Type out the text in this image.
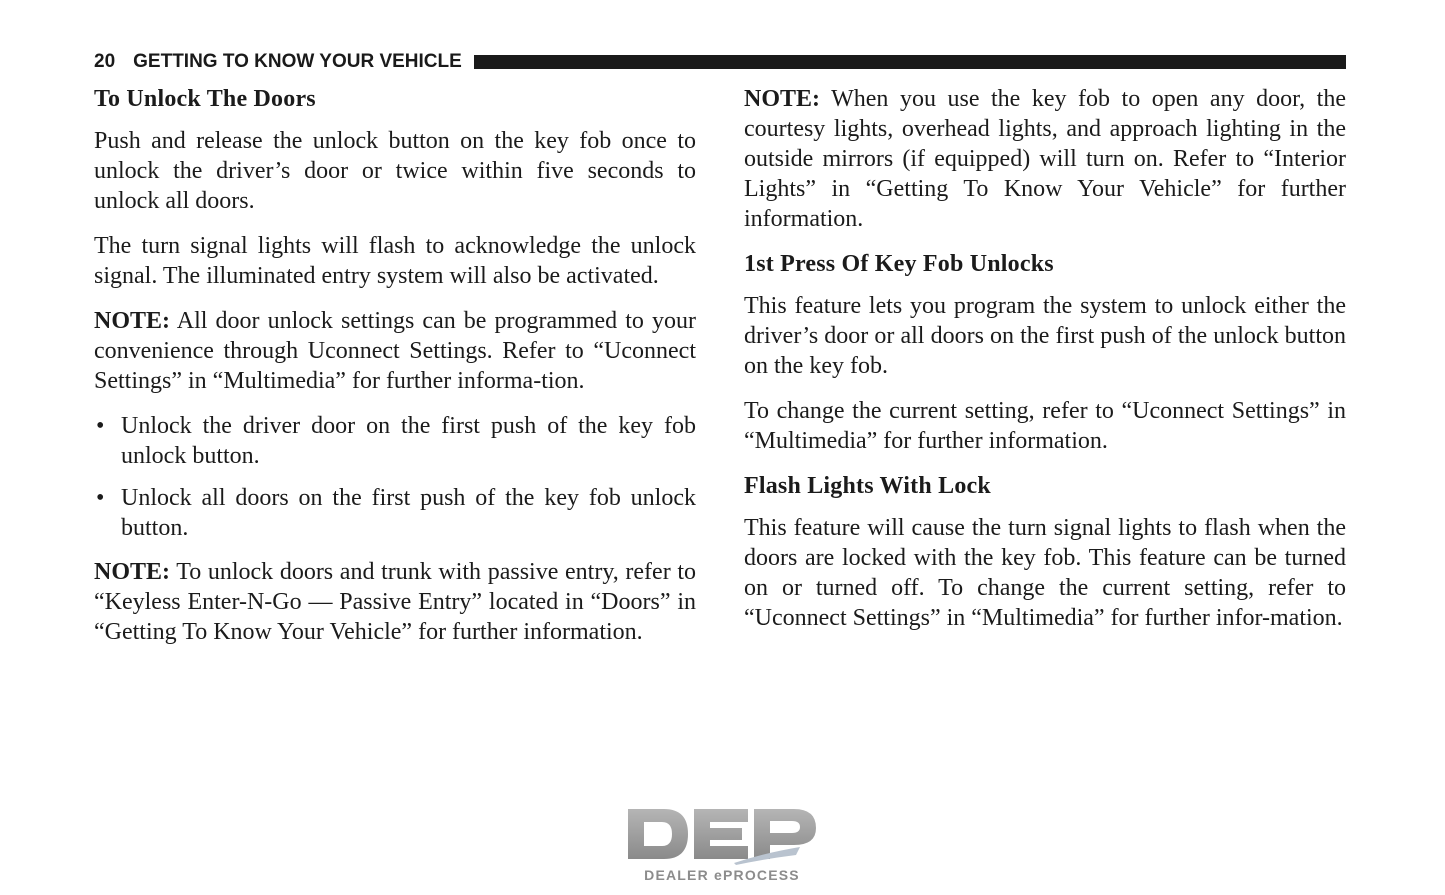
20 GETTING TO KNOW YOUR VEHICLE
To Unlock The Doors

Push and release the unlock button on the key fob once to unlock the driver’s door or twice within five seconds to unlock all doors.

The turn signal lights will flash to acknowledge the unlock signal. The illuminated entry system will also be activated.

NOTE: All door unlock settings can be programmed to your convenience through Uconnect Settings. Refer to “Uconnect Settings” in “Multimedia” for further informa-tion.

• Unlock the driver door on the first push of the key fob unlock button.
• Unlock all doors on the first push of the key fob unlock button.

NOTE: To unlock doors and trunk with passive entry, refer to “Keyless Enter-N-Go — Passive Entry” located in “Doors” in “Getting To Know Your Vehicle” for further information.

NOTE: When you use the key fob to open any door, the courtesy lights, overhead lights, and approach lighting in the outside mirrors (if equipped) will turn on. Refer to “Interior Lights” in “Getting To Know Your Vehicle” for further information.

1st Press Of Key Fob Unlocks

This feature lets you program the system to unlock either the driver’s door or all doors on the first push of the unlock button on the key fob.

To change the current setting, refer to “Uconnect Settings” in “Multimedia” for further information.

Flash Lights With Lock

This feature will cause the turn signal lights to flash when the doors are locked with the key fob. This feature can be turned on or turned off. To change the current setting, refer to “Uconnect Settings” in “Multimedia” for further infor-mation.

DEALER ePROCESS
